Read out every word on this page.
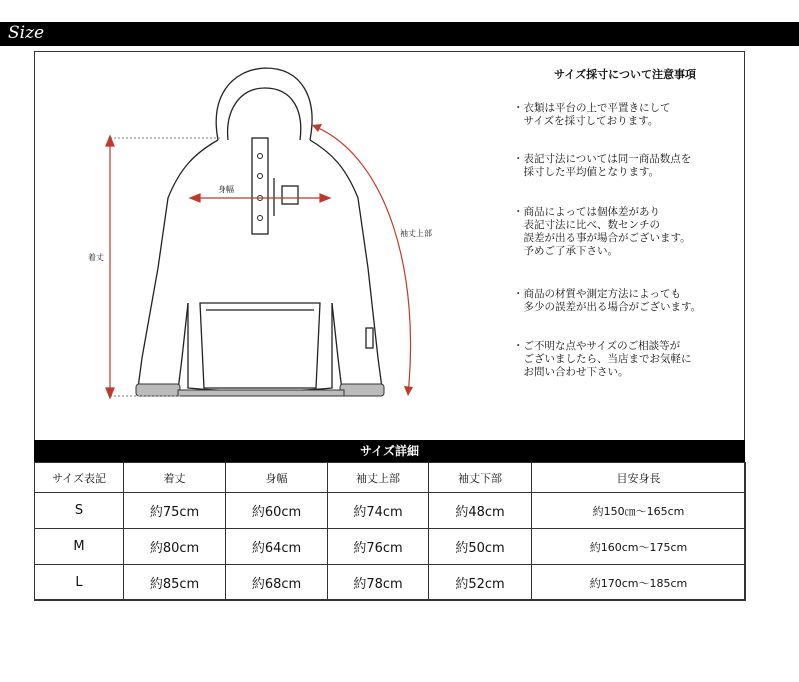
Size
着丈
身幅
袖丈上部
サイズ採寸について注意事項
・衣類は平台の上で平置きにして
　サイズを採寸しております。
・表記寸法については同一商品数点を
　採寸した平均値となります。
・商品によっては個体差があり
　表記寸法に比べ、数センチの
　誤差が出る事が場合がございます。
　予めご了承下さい。
・商品の材質や測定方法によっても
　多少の誤差が出る場合がございます。
・ご不明な点やサイズのご相談等が
　ございましたら、当店までお気軽に
　お問い合わせ下さい。
サイズ詳細
サイズ表記	着丈	身幅	袖丈上部	袖丈下部	目安身長
S	約75cm	約60cm	約74cm	約48cm	約150㎝～165cm
M	約80cm	約64cm	約76cm	約50cm	約160cm～175cm
L	約85cm	約68cm	約78cm	約52cm	約170cm～185cm
